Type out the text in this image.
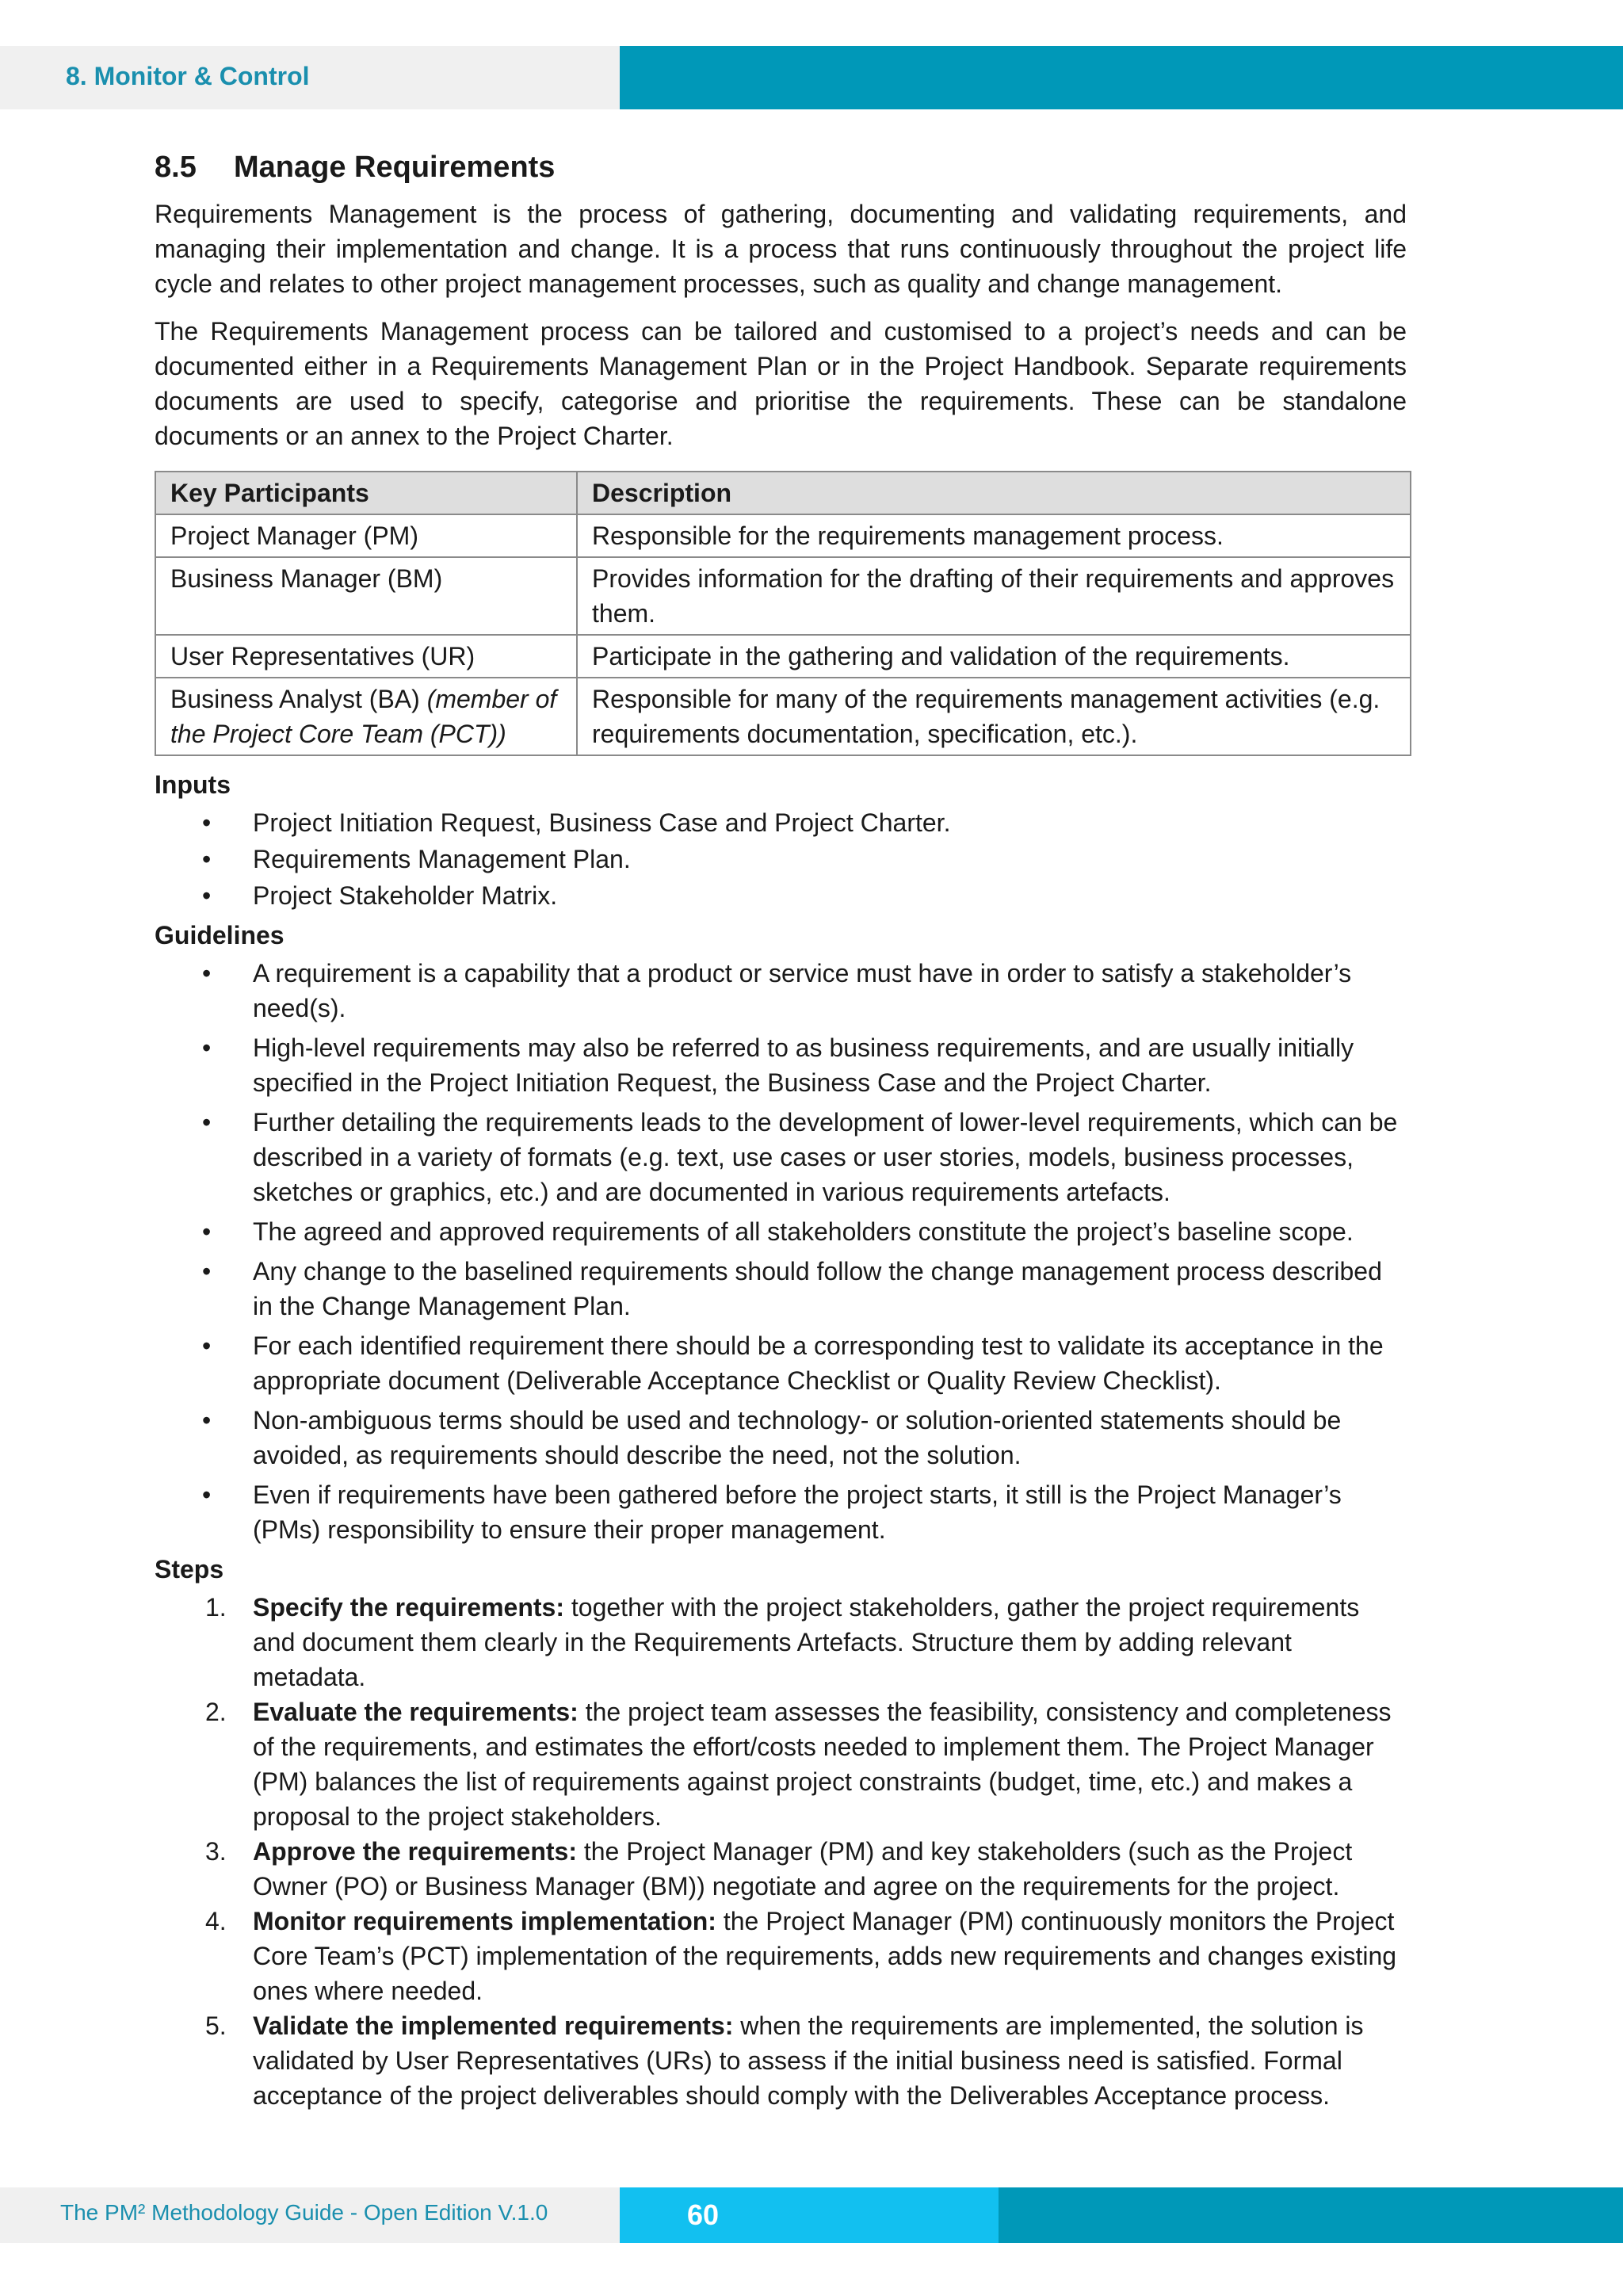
8. Monitor & Control
8.5 Manage Requirements

Requirements Management is the process of gathering, documenting and validating requirements, and managing their implementation and change. It is a process that runs continuously throughout the project life cycle and relates to other project management processes, such as quality and change management.

The Requirements Management process can be tailored and customised to a project’s needs and can be documented either in a Requirements Management Plan or in the Project Handbook. Separate requirements documents are used to specify, categorise and prioritise the requirements. These can be standalone documents or an annex to the Project Charter.

Key Participants	Description
Project Manager (PM)	Responsible for the requirements management process.
Business Manager (BM)	Provides information for the drafting of their requirements and approves them.
User Representatives (UR)	Participate in the gathering and validation of the requirements.
Business Analyst (BA) (member of the Project Core Team (PCT))	Responsible for many of the requirements management activities (e.g. requirements documentation, specification, etc.).
Inputs
• Project Initiation Request, Business Case and Project Charter.
• Requirements Management Plan.
• Project Stakeholder Matrix.
Guidelines
• A requirement is a capability that a product or service must have in order to satisfy a stakeholder’s need(s).
• High-level requirements may also be referred to as business requirements, and are usually initially specified in the Project Initiation Request, the Business Case and the Project Charter.
• Further detailing the requirements leads to the development of lower-level requirements, which can be described in a variety of formats (e.g. text, use cases or user stories, models, business processes, sketches or graphics, etc.) and are documented in various requirements artefacts.
• The agreed and approved requirements of all stakeholders constitute the project’s baseline scope.
• Any change to the baselined requirements should follow the change management process described in the Change Management Plan.
• For each identified requirement there should be a corresponding test to validate its acceptance in the appropriate document (Deliverable Acceptance Checklist or Quality Review Checklist).
• Non-ambiguous terms should be used and technology- or solution-oriented statements should be avoided, as requirements should describe the need, not the solution.
• Even if requirements have been gathered before the project starts, it still is the Project Manager’s (PMs) responsibility to ensure their proper management.
Steps
1. Specify the requirements: together with the project stakeholders, gather the project requirements and document them clearly in the Requirements Artefacts. Structure them by adding relevant metadata.
2. Evaluate the requirements: the project team assesses the feasibility, consistency and completeness of the requirements, and estimates the effort/costs needed to implement them. The Project Manager (PM) balances the list of requirements against project constraints (budget, time, etc.) and makes a proposal to the project stakeholders.
3. Approve the requirements: the Project Manager (PM) and key stakeholders (such as the Project Owner (PO) or Business Manager (BM)) negotiate and agree on the requirements for the project.
4. Monitor requirements implementation: the Project Manager (PM) continuously monitors the Project Core Team’s (PCT) implementation of the requirements, adds new requirements and changes existing ones where needed.
5. Validate the implemented requirements: when the requirements are implemented, the solution is validated by User Representatives (URs) to assess if the initial business need is satisfied. Formal acceptance of the project deliverables should comply with the Deliverables Acceptance process.
The PM² Methodology Guide - Open Edition V.1.0	60
